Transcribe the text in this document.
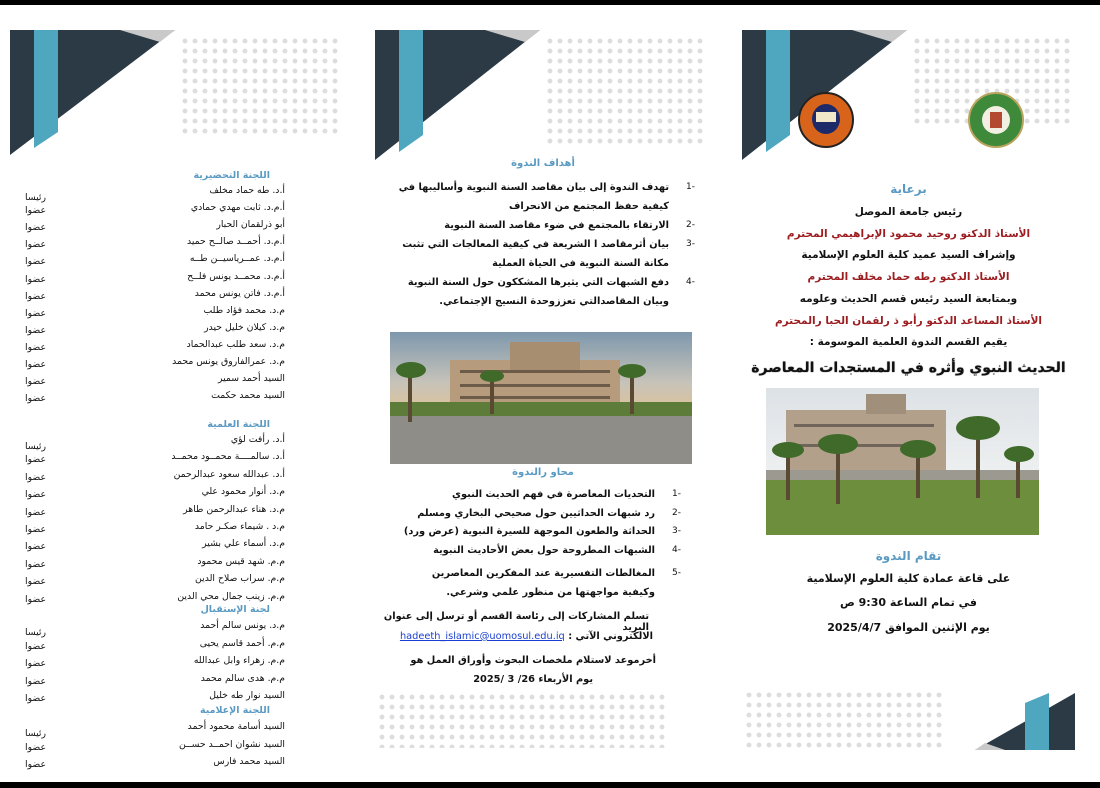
اللجنة التحضيرية
أ.د. طه حماد مخلف
رئيسا
أ.م.د. ثابت مهدي حمادي
عضوا
أبو ذرلقمان الحبار
عضوا
أ.م.د. أحمــد صالــح حميد
عضوا
أ.م.د. عمــرياسيــن طــه
عضوا
أ.م.د. محمــد يونس فلــح
عضوا
أ.م.د. فاتن يونس محمد
عضوا
م.د. محمد فؤاد طلب
عضوا
م.د. كيلان خليل حيدر
عضوا
م.د. سعد طلب عبدالحماد
عضوا
م.د. عمرالفاروق يونس محمد
عضوا
السيد أحمد سمير
عضوا
السيد محمد حكمت
عضوا
اللجنة العلمية
أ.د. رأفت لؤي
رئيسا
أ.د. سالمــــة محمــود محمــد
عضوا
أ.د. عبدالله سعود عبدالرحمن
عضوا
م.د. أنوار محمود علي
عضوا
م.د. هناء عبدالرحمن طاهر
عضوا
م.د . شيماء صكـر حامد
عضوا
م.د. أسماء علي بشير
عضوا
م.م. شهد قيس محمود
عضوا
م.م. سراب صلاح الدين
عضوا
م.م. زينب جمال محي الدين
عضوا
لجنة الإستقبال
م.د. يونس سالم أحمد
رئيسا
م.م. أحمد قاسم يحيى
عضوا
م.م. زهراء وابل عبدالله
عضوا
م.م. هدى سالم محمد
عضوا
السيد نوار طه خليل
عضوا
اللجنة الإعلامية
السيد أسامة محمود أحمد
رئيسا
السيد نشوان احمــد حســن
عضوا
السيد محمد فارس
عضوا
أهداف الندوة
-1
تهدف الندوة إلى بيان مقاصد السنة النبوية وأساليبها في كيفية حفظ المجتمع من الانحراف
-2
الارتقاء بالمجتمع في ضوء مقاصد السنة النبوية
-3
بيان أثرمقاصد ا الشريعة في كيفية المعالجات التي تثبت مكانة السنة النبوية في الحياة العملية
-4
دفع الشبهات التي يثيرها المشككون حول السنة النبوية وبيان المقاصدالتي تعززوحدة النسيج الإجتماعي.
محاو رالندوة
-1
التحديات المعاصرة في فهم الحديث النبوي
-2
رد شبهات الحداثيين حول صحيحي البخاري ومسلم
-3
الحداثة والطعون الموجهة للسيرة النبوية (عرض ورد)
-4
الشبهات المطروحة حول بعض الأحاديث النبوية
-5
المغالطات التفسيرية عند المفكرين المعاصرين وكيفية مواجهتها من منظور علمي وشرعي.
تسلم المشاركات إلى رئاسة القسم أو ترسل إلى عنوان البريد
الالكتروني الآتي : hadeeth_islamic@uomosul.edu.iq
أخرموعد لاستلام ملخصات البحوث وأوراق العمل هو
يوم الأربعاء 26/ 3 /2025
برعاية
رئيس جامعة الموصل
الأستاذ الدكتو روحيد محمود الإبراهيمي المحترم
وإشراف السيد عميد كلية العلوم الإسلامية
الأستاذ الدكتو رطه حماد مخلف المحترم
وبمتابعة السيد رئيس قسم الحديث وعلومه
الأستاذ المساعد الدكتو رأبو ذ رلقمان الحبا رالمحترم
يقيم القسم الندوة العلمية الموسومة :
الحديث النبوي وأثره في المستجدات المعاصرة
تقام الندوة
على قاعة عمادة كلية العلوم الإسلامية
في تمام الساعة 9:30 ص
يوم الإثنين الموافق 2025/4/7
